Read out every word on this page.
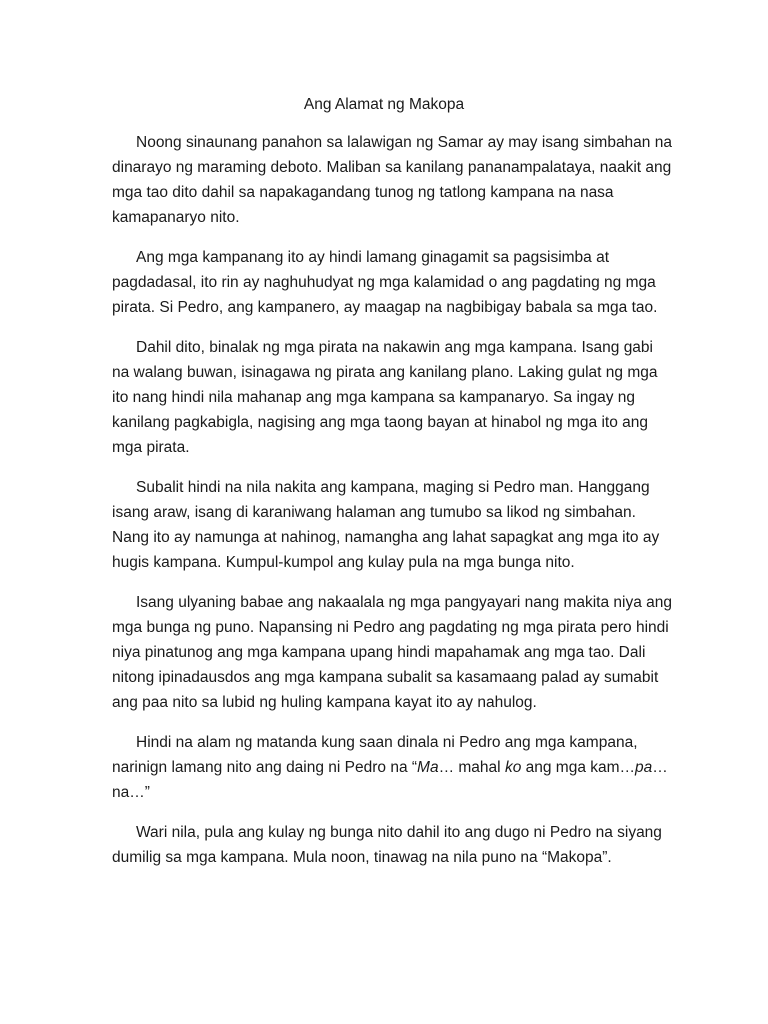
Ang Alamat ng Makopa

Noong sinaunang panahon sa lalawigan ng Samar ay may isang simbahan na dinarayo ng maraming deboto. Maliban sa kanilang pananampalataya, naakit ang mga tao dito dahil sa napakagandang tunog ng tatlong kampana na nasa kamapanaryo nito.

Ang mga kampanang ito ay hindi lamang ginagamit sa pagsisimba at pagdadasal, ito rin ay naghuhudyat ng mga kalamidad o ang pagdating ng mga pirata. Si Pedro, ang kampanero, ay maagap na nagbibigay babala sa mga tao.

Dahil dito, binalak ng mga pirata na nakawin ang mga kampana. Isang gabi na walang buwan, isinagawa ng pirata ang kanilang plano. Laking gulat ng mga ito nang hindi nila mahanap ang mga kampana sa kampanaryo. Sa ingay ng kanilang pagkabigla, nagising ang mga taong bayan at hinabol ng mga ito ang mga pirata.

Subalit hindi na nila nakita ang kampana, maging si Pedro man. Hanggang isang araw, isang di karaniwang halaman ang tumubo sa likod ng simbahan. Nang ito ay namunga at nahinog, namangha ang lahat sapagkat ang mga ito ay hugis kampana. Kumpul-kumpol ang kulay pula na mga bunga nito.

Isang ulyaning babae ang nakaalala ng mga pangyayari nang makita niya ang mga bunga ng puno. Napansing ni Pedro ang pagdating ng mga pirata pero hindi niya pinatunog ang mga kampana upang hindi mapahamak ang mga tao. Dali nitong ipinadausdos ang mga kampana subalit sa kasamaang palad ay sumabit ang paa nito sa lubid ng huling kampana kayat ito ay nahulog.

Hindi na alam ng matanda kung saan dinala ni Pedro ang mga kampana, narinign lamang nito ang daing ni Pedro na “Ma… mahal ko ang mga kam…pa…na…”

Wari nila, pula ang kulay ng bunga nito dahil ito ang dugo ni Pedro na siyang dumilig sa mga kampana. Mula noon, tinawag na nila puno na “Makopa”.
